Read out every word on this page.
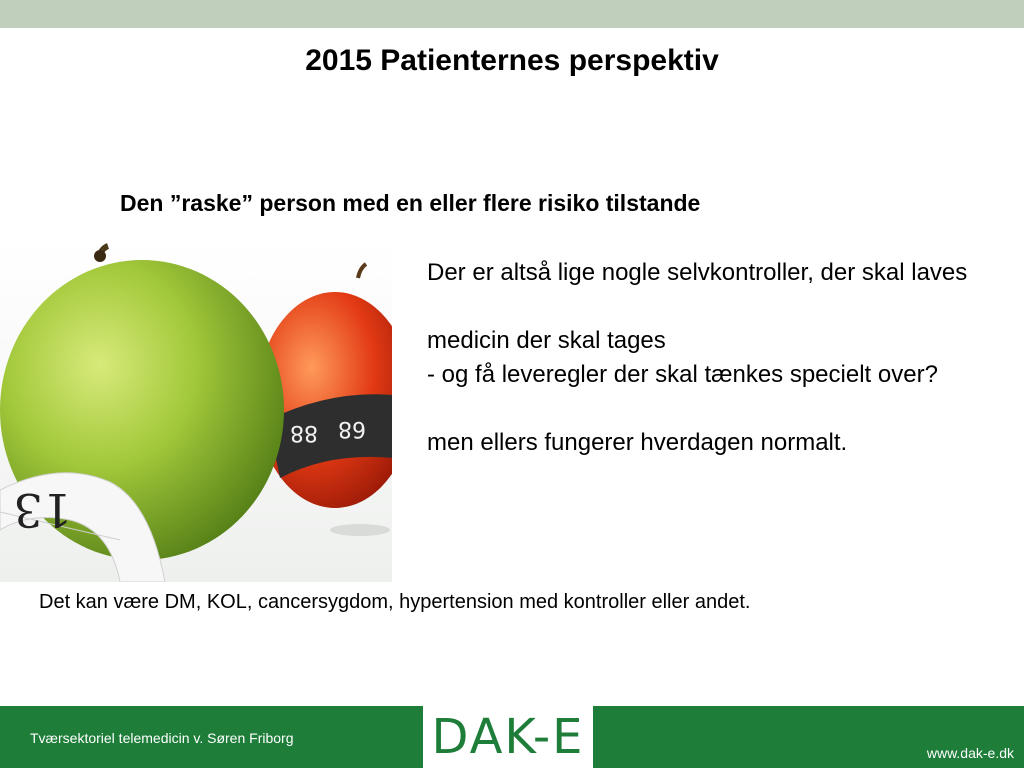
2015 Patienternes perspektiv
Den ”raske” person med en eller flere risiko tilstande
88 68
13

Der er altså lige nogle selvkontroller, der skal laves

medicin der skal tages

- og få leveregler der skal tænkes specielt over?

men ellers fungerer hverdagen normalt.

Det kan være DM, KOL, cancersygdom, hypertension med kontroller eller andet.
Tværsektoriel telemedicin v. Søren Friborg	DAK-E	www.dak-e.dk
